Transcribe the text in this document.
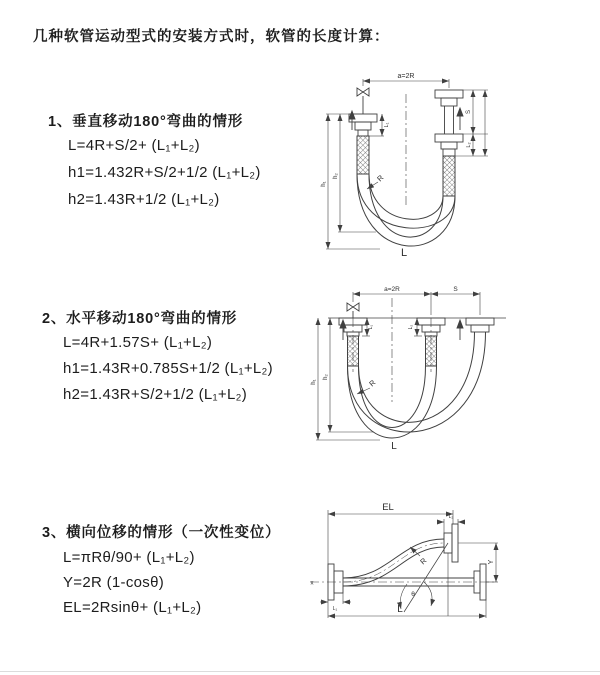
几种软管运动型式的安装方式时，软管的长度计算：
1、垂直移动180°弯曲的情形
L=4R+S/2+ (L₁+L₂)
h1=1.432R+S/2+1/2 (L₁+L₂)
h2=1.43R+1/2 (L₁+L₂)
2、水平移动180°弯曲的情形
L=4R+1.57S+ (L₁+L₂)
h1=1.43R+0.785S+1/2 (L₁+L₂)
h2=1.43R+S/2+1/2 (L₁+L₂)
3、横向位移的情形（一次性变位）
L=πRθ/90+ (L₁+L₂)
Y=2R (1-cosθ)
EL=2Rsinθ+ (L₁+L₂)
a=2R
S
L₂
L₁
h₁
h₂	R
L
a=2R	S
L₁	L₂
h₁
h₂
R
L
EL
L₂
Y
R
θ
L
L₁
x
